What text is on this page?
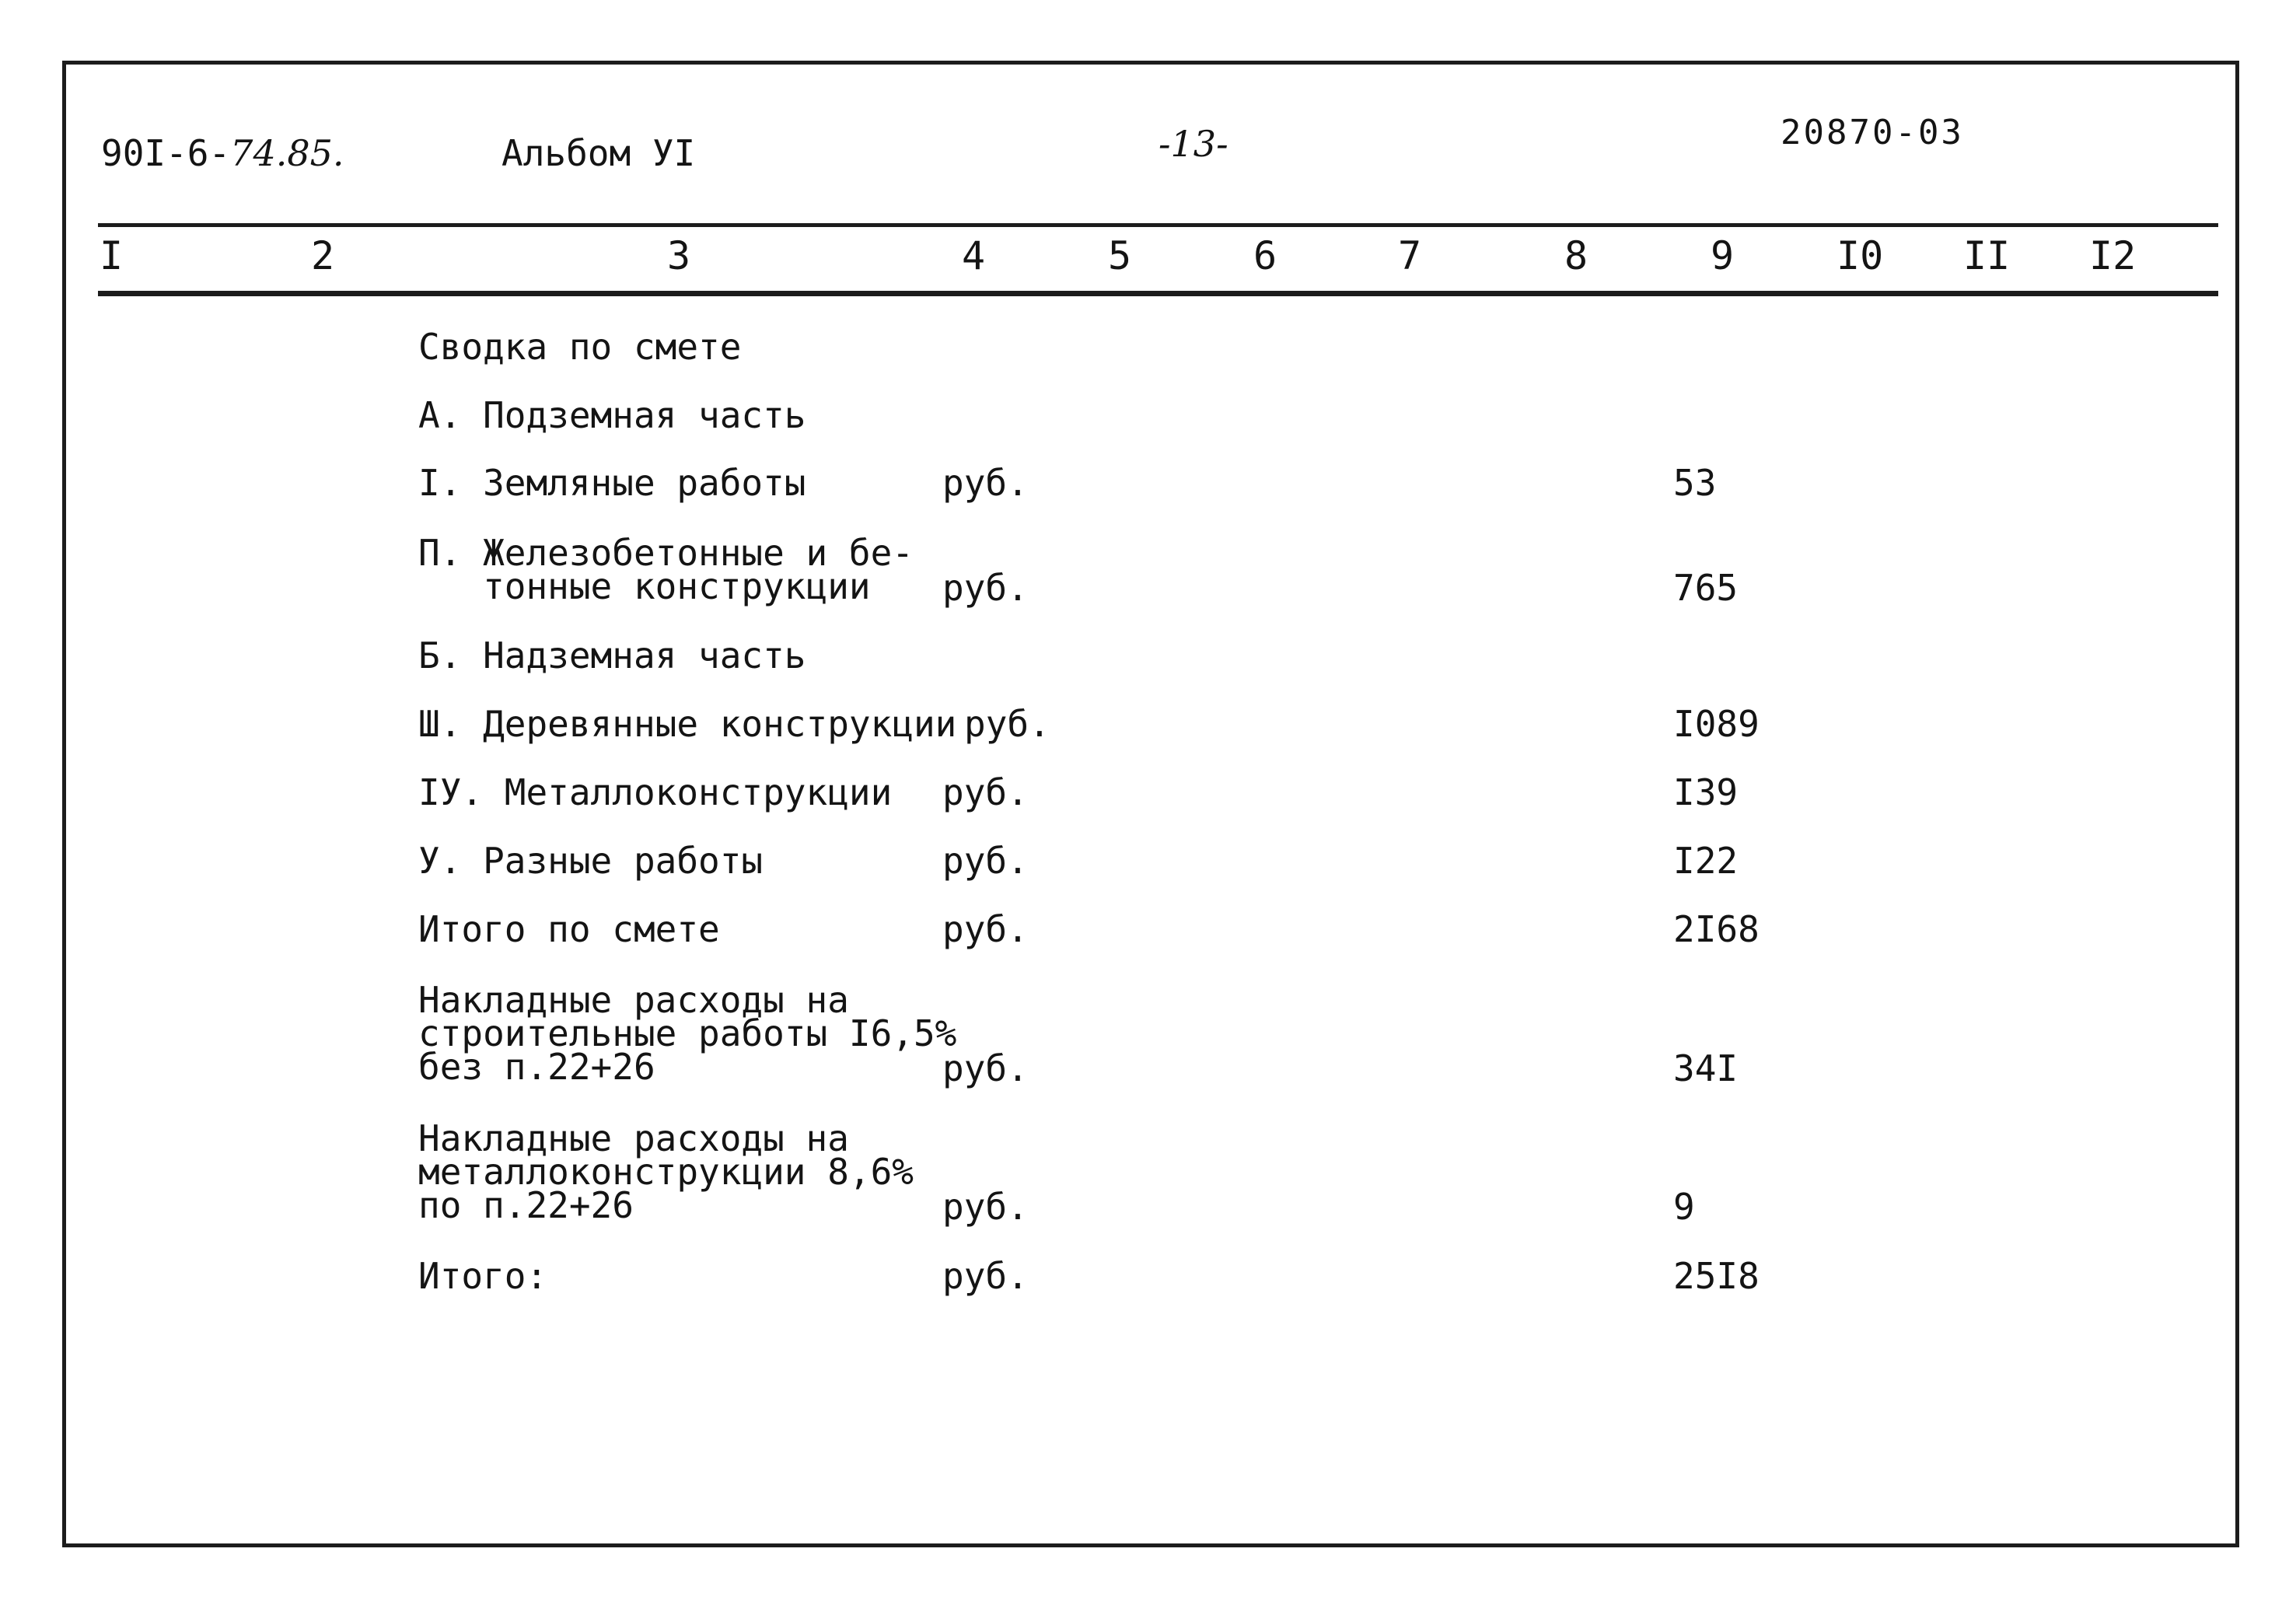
90I-6-74.85.	Альбом УI	-13-	20870-03
I	2	3	4	5	6	7	8	9	I0 II I2
Сводка по смете
А. Подземная часть
I. Земляные работы	руб.	53
П. Железобетонные и бе-
тонные конструкции руб.	765
Б. Надземная часть
Ш. Деревянные конструкции руб.	I089
IУ. Металлоконструкции руб.	I39
У. Разные работы	руб.	I22
Итого по смете	руб.	2I68
Накладные расходы на
строительные работы I6,5%
без п.22+26	руб.	34I
Накладные расходы на
металлоконструкции 8,6%
по п.22+26	руб.	9
Итого:	руб.	25I8
